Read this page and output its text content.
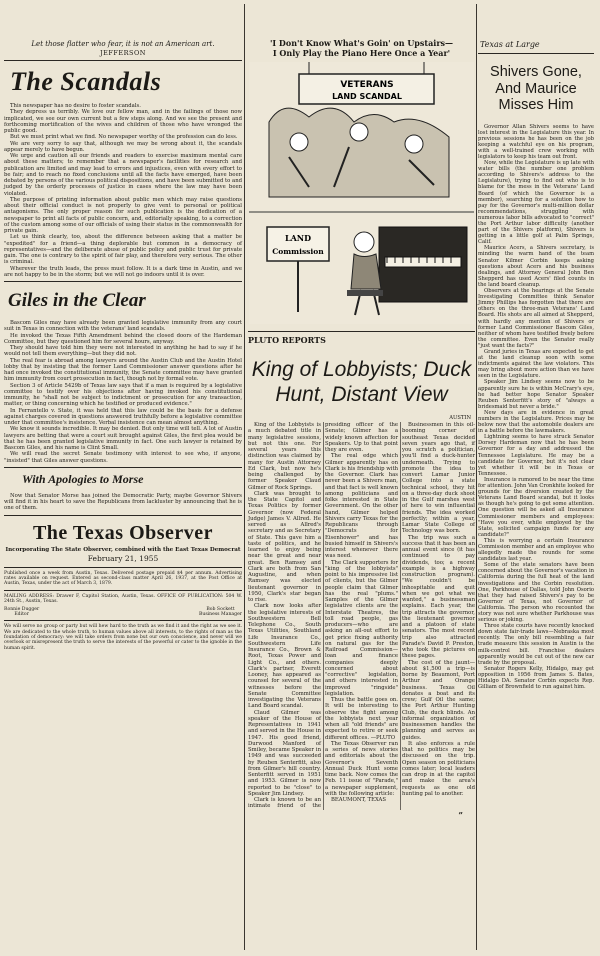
Let those flatter who fear, it is not an American art.
JEFFERSON
The Scandals

This newspaper has no desire to foster scandals.

They depress us terribly. We love our fellow man, and in the failings of those now implicated, we see our own current but a few steps along. And we see the present and forthcoming mortification of the wives and children of those who have wronged the public good.

But we must print what we find. No newspaper worthy of the profession can do less.

We are very sorry to say that, although we may be wrong about it, the scandals appear merely to have begun.

We urge and caution all our friends and readers to exercise maximum mental care about these matters; to remember that a newspaper's facilities for research and publication are limited and may lead to errors and injustices, even with every effort to be fair; and to reach no fixed conclusions until all the facts have emerged, have been debated by persons of the various political dispositions, and have been submitted to and judged by the orderly processes of justice in cases where the law may have been violated.

The purpose of printing information about public men which may raise questions about their official conduct is not properly to give vent to personal or political antagonisms. The only proper reason for such publication is the dedication of a newspaper to print all facts of public concern, and, editorially speaking, to a correction of the custom among some of our officials of using their status in the commonwealth for private gain.

Let us think clearly, too, about the difference between asking that a matter be "expedited" for a friend—a thing deplorable but common in a democracy of representatives—and the deliberate abuse of public policy and public trust for private gain. The one is contrary to the spirit of fair play, and therefore very serious. The other is criminal.

Wherever the truth leads, the press must follow. It is a dark time in Austin, and we are not happy to be in the storm; but we will not go indoors until it is over.

Giles in the Clear

Bascom Giles may have already been granted legislative immunity from any court suit in Texas in connection with the veterans' land scandals.

He invoked the Texas Fifth Amendment behind the closed doors of the Hardeman Committee, but they questioned him for several hours, anyway.

They should have told him they were not interested in anything he had to say if he would not tell them everything—but they did not.

The real fear is abroad among lawyers around the Austin Club and the Austin Hotel lobby that by insisting that the former Land Commissioner answer questions after he had once invoked the constitutional immunity, the Senate committee may have granted him immunity from court prosecution in fact, though not by formal vote.

Section 3 of Article 5429b of Texas law says that if a man is required by a legislative committee to testify over his objections after having invoked his constitutional immunity, he "shall not be subject to indictment or prosecution for any transaction, matter, or thing concerning which he testified or produced evidence."

In Ferrantello v. State, it was held that this law could be the basis for a defense against charges covered in questions answered truthfully before a legislative committee under that committee's insistence. Verbal insistence can mean almost anything.

We know it sounds incredible. It may be denied. But only time will tell. A lot of Austin lawyers are betting that were a court suit brought against Giles, the first plea would be that he has been granted legislative immunity in fact. One such lawyer is retained by Bascom Giles, and his name is Clint Small.

We will read the secret Senate testimony with interest to see who, if anyone, "insisted" that Giles answer questions.

With Apologies to Morse

Now that Senator Morse has joined the Democratic Party, maybe Governor Shivers will find it in his heart to save the Republicans from lackluster by announcing that he is one of them.

The Texas Observer
Incorporating The State Observer, combined with the East Texas Democrat
February 21, 1955
Published once a week from Austin, Texas. Delivered postage prepaid $4 per annum. Advertising rates available on request. Entered as second-class matter April 26, 1937, at the Post Office at Austin, Texas, under the act of March 3, 1879.
MAILING ADDRESS: Drawer F, Capitol Station, Austin, Texas. OFFICE OF PUBLICATION: 504 W. 24th St., Austin, Texas.
Ronnie Dugger
Editor
Bob Sockett
Business Manager
We will serve no group or party but will hew hard to the truth as we find it and the right as we see it. We are dedicated to the whole truth, to human values above all interests, to the rights of man as the foundation of democracy: we will take orders from none but our own conscience, and never will we overlook or misrepresent the truth to serve the interests of the powerful or cater to the ignoble in the human spirit.
'I Don't Know What's Goin' on Upstairs—
I Only Play the Piano Here Once a Year'
VETERANS
LAND SCANDAL
LAND
Commission
PLUTO REPORTS
King of Lobbyists; Duck Hunt, Distant View
AUSTIN

King of the Lobbyists is a much debated title in many legislative sessions, but not this one. For several years this distinction was claimed by many for Austin Attorney Ed Clark, but now he's being challenged by former Speaker Claud Gilmer of Rock Springs.

Clark was brought to the State Capitol and Texas Politics by former Governor (now Federal Judge) James V. Allred. He served as Allred's secretary and as Secretary of State. This gave him a taste of politics, and he learned to enjoy being near the great and near great. Ben Ramsey and Clark are both from San Augustine, and when Ramsey was elected lieutenant governor in 1950, Clark's star began to rise.

Clark now looks after the legislative interests of Southwestern Bell Telephone Co., South Texas Utilities, Southland Life Insurance Co., Southwestern Life Insurance Co., Brown & Root, Texas Power and Light Co., and others. Clark's partner, Everett Looney, has appeared as counsel for several of the witnesses before the Senate Committee investigating the Veterans Land Board scandal.

Claud Gilmer was speaker of the House of Representatives in 1941 and served in the House in 1947. His good friend, Durwood Manford of Smiley, became Speaker in 1949 and was succeeded by Reuben Senterfitt, also from Gilmer's hill country. Senterfitt served in 1951 and 1953. Gilmer is now reported to be "close" to Speaker Jim Lindsey.

Clark is known to be an intimate friend of the presiding officer of the Senate; Gilmer has a widely known affection for Speakers. Up to that point they are even.

The real edge which Gilmer apparently has on Clark is his friendship with the Governor. Clark has never been a Shivers man, and that fact is well known among politicians and folks interested in State Government. On the other hand, Gilmer helped Shivers carry Texas for the Republicans through "Democrats for Eisenhower" and has busied himself in Shivers's interest whenever there was need.

The Clark supporters for "king of the lobbyists" point to his impressive list of clients, but the Gilmer people claim that Gilmer has the real "plums." Samples of the Gilmer legislative clients are the Interstate Theatres, the toll road people, gas producers—who are asking an all-out effort to get price fixing authority on natural gas for the Railroad Commission—loan and finance companies deeply concerned about "corrective" legislation, and others interested in improved "ringside" legislation.

Thus the battle goes on. It will be interesting to observe the fight among the lobbyists next year when all "old friends" are expected to retire or seek different offices. —PLUTO

The Texas Observer ran a series of news stories and editorials about the Governor's Seventh Annual Duck Hunt some time back. Now comes the Feb. 11 issue of "Parade," a newspaper supplement, with the following article:

BEAUMONT, TEXAS

Businessmen in this oil-booming corner of southeast Texas decided seven years ago that, if you scratch a politician, you'll find a duck-hunter underneath. Trying to promote the idea to convert Lamar Junior College into a state technical school, they hit on a three-day duck shoot in the Gulf marshes west of here to win influential friends. The idea worked perfectly; within a year, Lamar State College of Technology was born.

The trip was such a success that it has been an annual event since (it has continued to pay dividends, too; a recent example is a highway construction program). "We couldn't be inhospitable and quit when we got what we wanted," a businessman explains. Each year, the trip attracts the governor, the lieutenant governor and a platoon of state senators. The most recent trip also attracted Parade's David P. Preston, who took the pictures on these pages.

The cost of the jaunt—about $1,500 a trip—is borne by Beaumont, Port Arthur and Orange business. Texas Oil donates a boat and its crew; Gulf Oil the same; the Port Arthur Hunting Club, the duck blinds. An informal organization of businessmen handles the planning and serves as guides.

It also enforces a rule that no politics may be discussed on the trip. Open season on politicians comes later; local leaders can drop in at the capitol and make the area's requests as one old hunting pal to another.

”
Texas at Large
Shivers Gone, And Maurice Misses Him

Governor Allan Shivers seems to have lost interest in the Legislature this year. In previous sessions he has been on the job keeping a watchful eye on his program, with a well-trained crew working with legislators to keep his team out front.

Now, while the Legislature is up late with water bills (the number one problem according to Shivers's address to the Legislature), trying to find out who is to blame for the mess in the Veterans' Land Board (of which the Governor is a member), searching for a solution how to pay for the Governor's multi-million dollar recommendations, struggling with numerous labor bills advocated to "correct" the Port Arthur labor difficulty (another part of the Shivers platform), Shivers is getting in a little golf at Palm Springs, Calif.

Maurice Acers, a Shivers secretary, is minding the warm hand of the team Senator Kilmer Corbin keeps asking questions about Acers and his business dealings, and Attorney General John Ben Shepperd has used Acers' filed counts in the land board cleanup.

Observers at the hearings at the Senate Investigating Committee think Senator Jimmy Phillips has forgotten that there are others on the three-man Veterans' Land Board. His shots are all aimed at Shepperd, with hardly any mention of Shivers or former Land Commissioner Bascom Giles, neither of whom have testified freely before the committee. Even the Senator really "just want the facts?"

Grand juries in Texas are expected to get at the land cleanup soon with some indictments against the law violators. This may bring about more action than we have seen in the Legislature.

Speaker Jim Lindsey seems now to be apparently sure he is within McCrary's eye, he had better hope Senator Speaker Reuben Senterfitt's story of "always a bridesmaid but never a bride."

New days are in evidence in great numbers in the Legislature. Prices may be below now that the automobile dealers are in a battle before the lawmakers.

Lightning seems to have struck Senator Dorsey Hardeman now that he has been Governor for a day and addressed the Tennessee Legislature. He may be a candidate for Governor, but it's not clear yet whether it will be in Texas or Tennessee.

Insurance is rumored to be near the time for attention. John Van Cronkhite looked for grounds for the diversion created by the Veterans Land Board scandal, but it looks as though he's going to get some attention. One question will be asked all Insurance Commissioner members and employees: "Have you ever, while employed by the State, solicited campaign funds for any candidate?"

This is worrying a certain Insurance Commission member and an employee who allegedly made the rounds for some candidates last year.

Some of the state senators have been concerned about the Governor's vacation in California during the full heat of the land investigations and the Corbin resolution. One, Parkhouse of Dallas, told John Osorio that they had raised Shivers's pay to be Governor of Texas, not Governor of California. The person who recounted the story was not sure whether Parkhouse was serious or joking.

Three state courts have recently knocked down state fair-trade laws—Nebraska most recently. The only bill resembling a fair trade measure this session in Austin is the milk-control bill. Franchise dealers apparently would be cut out of the new car trade by the proposal.

Senator Rogers Kelly, Hidalgo, may get opposition in 1956 from James S. Bates, Hidalgo DA. Senator Corbin expects Rep. Gilliam of Brownfield to run against him.
